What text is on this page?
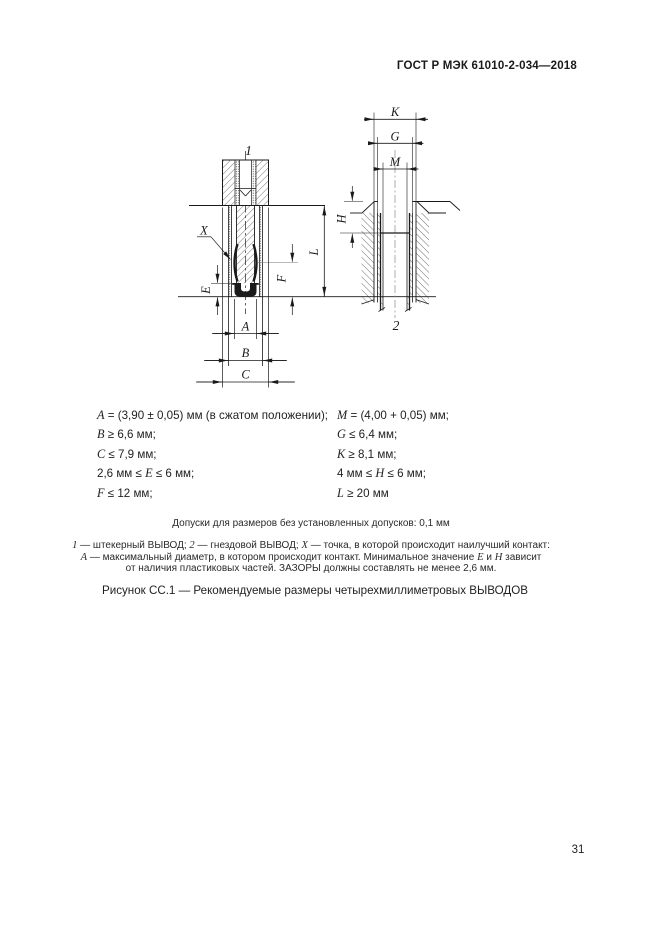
ГОСТ Р МЭК 61010-2-034—2018
1
2
X
E
F
L
A
B
C
K
G
M
H
A = (3,90 ± 0,05) мм (в сжатом положении);
B ≥ 6,6 мм;
C ≤ 7,9 мм;
2,6 мм ≤ E ≤ 6 мм;
F ≤ 12 мм;
M = (4,00 + 0,05) мм;
G ≤ 6,4 мм;
K ≥ 8,1 мм;
4 мм ≤ H ≤ 6 мм;
L ≥ 20 мм
Допуски для размеров без установленных допусков: 0,1 мм
1 — штекерный ВЫВОД; 2 — гнездовой ВЫВОД; X — точка, в которой происходит наилучший контакт:
A — максимальный диаметр, в котором происходит контакт. Минимальное значение E и H зависит
от наличия пластиковых частей. ЗАЗОРЫ должны составлять не менее 2,6 мм.
Рисунок СС.1 — Рекомендуемые размеры четырехмиллиметровых ВЫВОДОВ
31
